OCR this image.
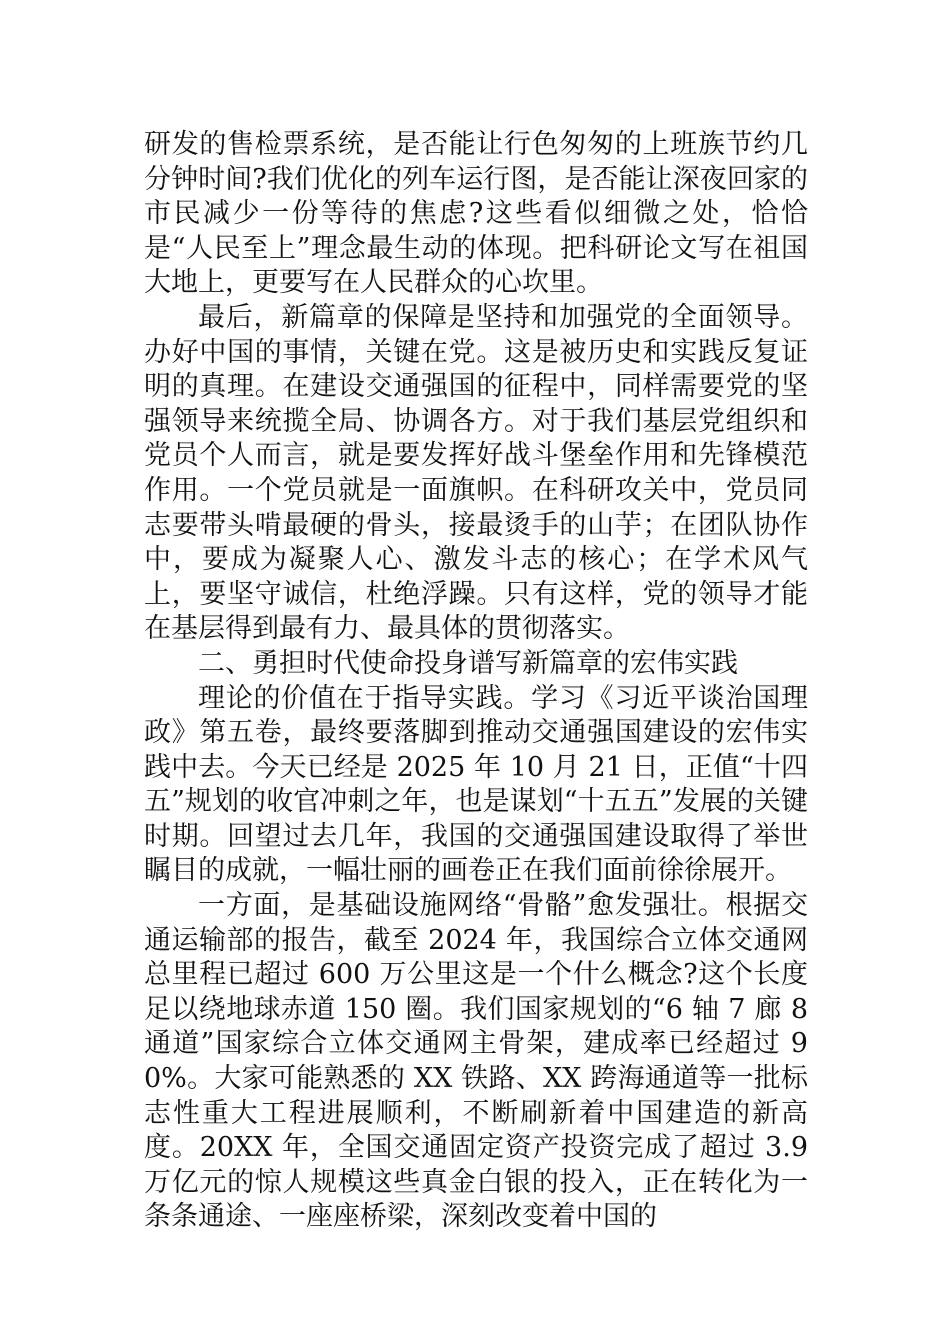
研发的售检票系统，是否能让行色匆匆的上班族节约几分钟时间?我们优化的列车运行图，是否能让深夜回家的市民减少一份等待的焦虑?这些看似细微之处，恰恰是“人民至上”理念最生动的体现。把科研论文写在祖国大地上，更要写在人民群众的心坎里。

最后，新篇章的保障是坚持和加强党的全面领导。办好中国的事情，关键在党。这是被历史和实践反复证明的真理。在建设交通强国的征程中，同样需要党的坚强领导来统揽全局、协调各方。对于我们基层党组织和党员个人而言，就是要发挥好战斗堡垒作用和先锋模范作用。一个党员就是一面旗帜。在科研攻关中，党员同志要带头啃最硬的骨头，接最烫手的山芋；在团队协作中，要成为凝聚人心、激发斗志的核心；在学术风气上，要坚守诚信，杜绝浮躁。只有这样，党的领导才能在基层得到最有力、最具体的贯彻落实。

二、勇担时代使命投身谱写新篇章的宏伟实践

理论的价值在于指导实践。学习《习近平谈治国理政》第五卷，最终要落脚到推动交通强国建设的宏伟实践中去。今天已经是 2025 年 10 月 21 日，正值“十四五”规划的收官冲刺之年，也是谋划“十五五”发展的关键时期。回望过去几年，我国的交通强国建设取得了举世瞩目的成就，一幅壮丽的画卷正在我们面前徐徐展开。

一方面，是基础设施网络“骨骼”愈发强壮。根据交通运输部的报告，截至 2024 年，我国综合立体交通网总里程已超过 600 万公里这是一个什么概念?这个长度足以绕地球赤道 150 圈。我们国家规划的“6 轴 7 廊 8 通道”国家综合立体交通网主骨架，建成率已经超过 90%。大家可能熟悉的 XX 铁路、XX 跨海通道等一批标志性重大工程进展顺利，不断刷新着中国建造的新高度。20XX 年，全国交通固定资产投资完成了超过 3.9 万亿元的惊人规模这些真金白银的投入，正在转化为一条条通途、一座座桥梁，深刻改变着中国的
